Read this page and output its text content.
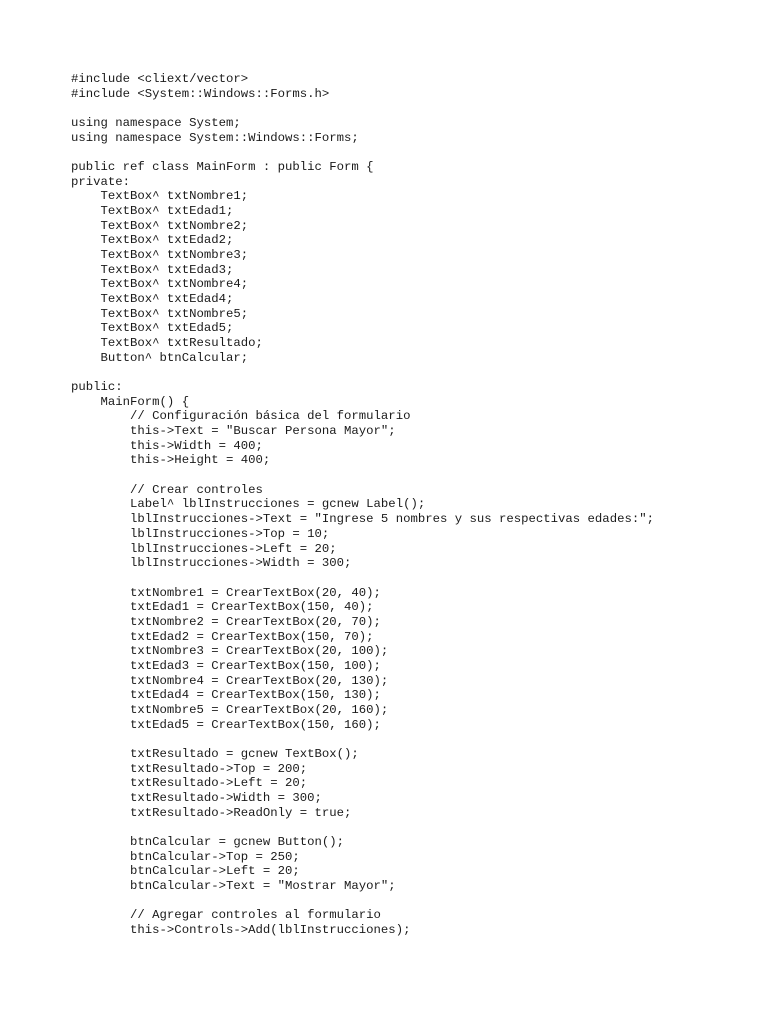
#include <cliext/vector>
#include <System::Windows::Forms.h>
using namespace System;
using namespace System::Windows::Forms;
public ref class MainForm : public Form {
private:
TextBox^ txtNombre1;
TextBox^ txtEdad1;
TextBox^ txtNombre2;
TextBox^ txtEdad2;
TextBox^ txtNombre3;
TextBox^ txtEdad3;
TextBox^ txtNombre4;
TextBox^ txtEdad4;
TextBox^ txtNombre5;
TextBox^ txtEdad5;
TextBox^ txtResultado;
Button^ btnCalcular;
public:
MainForm() {
// Configuración básica del formulario
this->Text = "Buscar Persona Mayor";
this->Width = 400;
this->Height = 400;
// Crear controles
Label^ lblInstrucciones = gcnew Label();
lblInstrucciones->Text = "Ingrese 5 nombres y sus respectivas edades:";
lblInstrucciones->Top = 10;
lblInstrucciones->Left = 20;
lblInstrucciones->Width = 300;
txtNombre1 = CrearTextBox(20, 40);
txtEdad1 = CrearTextBox(150, 40);
txtNombre2 = CrearTextBox(20, 70);
txtEdad2 = CrearTextBox(150, 70);
txtNombre3 = CrearTextBox(20, 100);
txtEdad3 = CrearTextBox(150, 100);
txtNombre4 = CrearTextBox(20, 130);
txtEdad4 = CrearTextBox(150, 130);
txtNombre5 = CrearTextBox(20, 160);
txtEdad5 = CrearTextBox(150, 160);
txtResultado = gcnew TextBox();
txtResultado->Top = 200;
txtResultado->Left = 20;
txtResultado->Width = 300;
txtResultado->ReadOnly = true;
btnCalcular = gcnew Button();
btnCalcular->Top = 250;
btnCalcular->Left = 20;
btnCalcular->Text = "Mostrar Mayor";
// Agregar controles al formulario
this->Controls->Add(lblInstrucciones);
